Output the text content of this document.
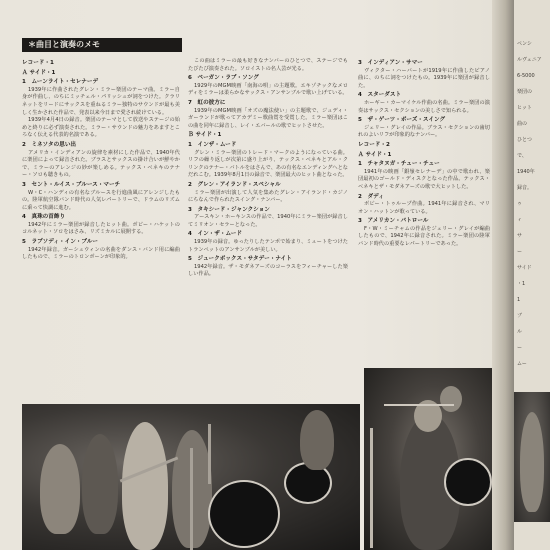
ペンシ
ルヴェニア
6-5000
楽団の
ヒット
曲の
ひとつ
で、
1940年
録音。
ゥ
ィ
サ
ー
サイド
・1
1
ブ
ル
ー
ムー
＊曲目と演奏のメモ
レコード・1
Ａ サイド・1
1　ムーンライト・セレナーデ
1939年に作曲されたグレン・ミラー楽団のテーマ曲。ミラー自身が作曲し、のちにミッチェル・パリッシュが詞をつけた。クラリネットをリードにサックスを重ねるミラー独特のサウンドが最も美しく生かされた作品で、発表以来今日まで愛され続けている。
1939年4月4日の録音。楽団のテーマとして放送やステージの始めと終りに必ず演奏された。ミラー・サウンドの魅力をあますところなく伝える代表的名演である。
2　ミネソタの思い出
アメリカ・インディアンの旋律を素材にした作品で、1940年代に楽団によって録音された。ブラスとサックスの掛け合いが鮮やかで、ミラーのアレンジの妙が楽しめる。テックス・ベネキのテナー・ソロも聴きもの。
3　セント・ルイス・ブルース・マーチ
W・C・ハンディの有名なブルースを行進曲風にアレンジしたもの。陸軍航空隊バンド時代の人気レパートリーで、ドラムのリズムに乗って快調に進む。
4　真珠の首飾り
1942年にミラー楽団が録音したヒット曲。ボビー・ハケットのコルネット・ソロをはさみ、リズミカルに展開する。
5　ラプソディ・イン・ブルー
1942年録音。ガーシュウィンの名曲をダンス・バンド用に編曲したもので、ミラーのトロンボーンが印象的。
この曲はミラーの最も好きなナンバーのひとつで、ステージでもたびたび演奏された。ソロイストの名人芸が光る。
6　ペーガン・ラブ・ソング
1929年のMGM映画「南海の唄」の主題歌。エキゾチックなメロディをミラーは柔らかなサックス・アンサンブルで歌い上げている。
7　虹の彼方に
1939年のMGM映画「オズの魔法使い」の主題歌で、ジュディ・ガーランドが歌ってアカデミー歌曲賞を受賞した。ミラー楽団はこの曲を同年に録音し、レイ・エバールの歌でヒットさせた。
Ｂ サイド・1
1　インザ・ムード
グレン・ミラー楽団のトレード・マークのようになっている曲。リフの繰り返しが次第に盛り上がり、テックス・ベネキとアル・クリンクのテナー・バトルをはさんで、あの有名なエンディングへとなだれこむ。1939年8月1日の録音で、楽団最大のヒット曲となった。
2　グレン・アイランド・スペシャル
ミラー楽団が出演して人気を集めたグレン・アイランド・カジノにちなんで作られたスイング・ナンバー。
3　タキシード・ジャンクション
アースキン・ホーキンスの作品で、1940年にミラー楽団が録音してミリオン・セラーとなった。
4　イン・ザ・ムード
1939年の録音。ゆったりしたテンポで始まり、ミュートをつけたトランペットのアンサンブルが美しい。
5　ジュークボックス・サタデー・ナイト
1942年録音。ザ・モダネアーズのコーラスをフィーチャーした楽しい作品。
3　インディアン・サマー
ヴィクター・ハーバートが1919年に作曲したピアノ曲に、のちに詞をつけたもの。1939年に楽団が録音した。
4　スターダスト
ホーギー・カーマイケル作曲の名曲。ミラー楽団の演奏はサックス・セクションの美しさで知られる。
5　ザ・ゲーツ・ボーズ・スイング
ジェリー・グレイの作品。ブラス・セクションの歯切れのよいリフが印象的なナンバー。
レコード・2
Ａ サイド・1
1　チャタヌガ・チュー・チュー
1941年の映画「銀嶺セレナーデ」の中で歌われ、楽団最初のゴールド・ディスクとなった作品。テックス・ベネキとザ・モダネアーズの歌で大ヒットした。
2　ダディ
ボビー・トゥループ作曲。1941年に録音され、マリオン・ハットンが歌っている。
3　アメリカン・パトロール
F・W・ミーチャムの作品をジェリー・グレイが編曲したもので、1942年に録音された。ミラー楽団の陸軍バンド時代の重要なレパートリーであった。
